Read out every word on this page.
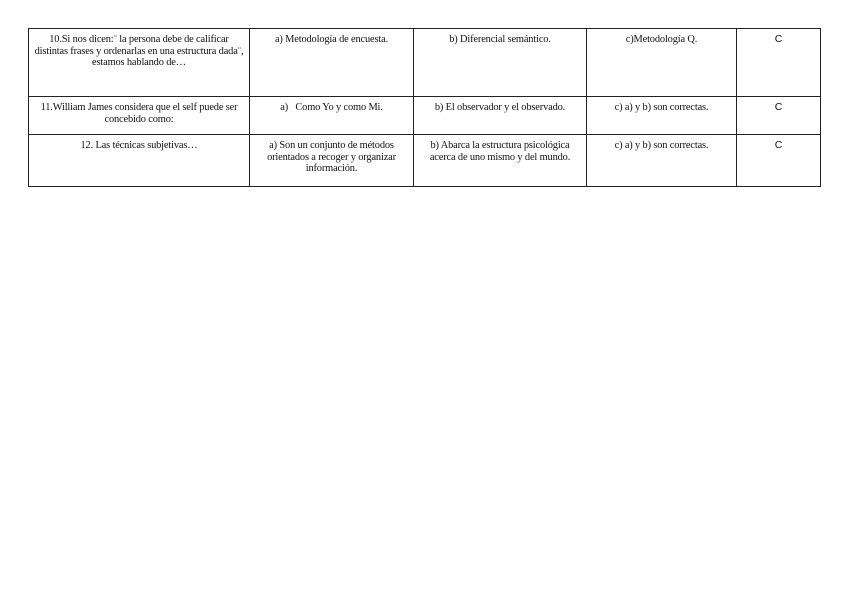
10.Si nos dicen:¨ la persona debe de calificar distintas frases y ordenarlas en una estructura dada¨, estamos hablando de…	a) Metodología de encuesta.	b) Diferencial semántico.	c)Metodología Q.	C
11.William James considera que el self puede ser concebido como:	a)   Como Yo y como Mi.	b) El observador y el observado.	c) a) y b) son correctas.	C
12. Las técnicas subjetivas…	a) Son un conjunto de métodos orientados a recoger y organizar información.	b) Abarca la estructura psicológica acerca de uno mismo y del mundo.	c) a) y b) son correctas.	C
